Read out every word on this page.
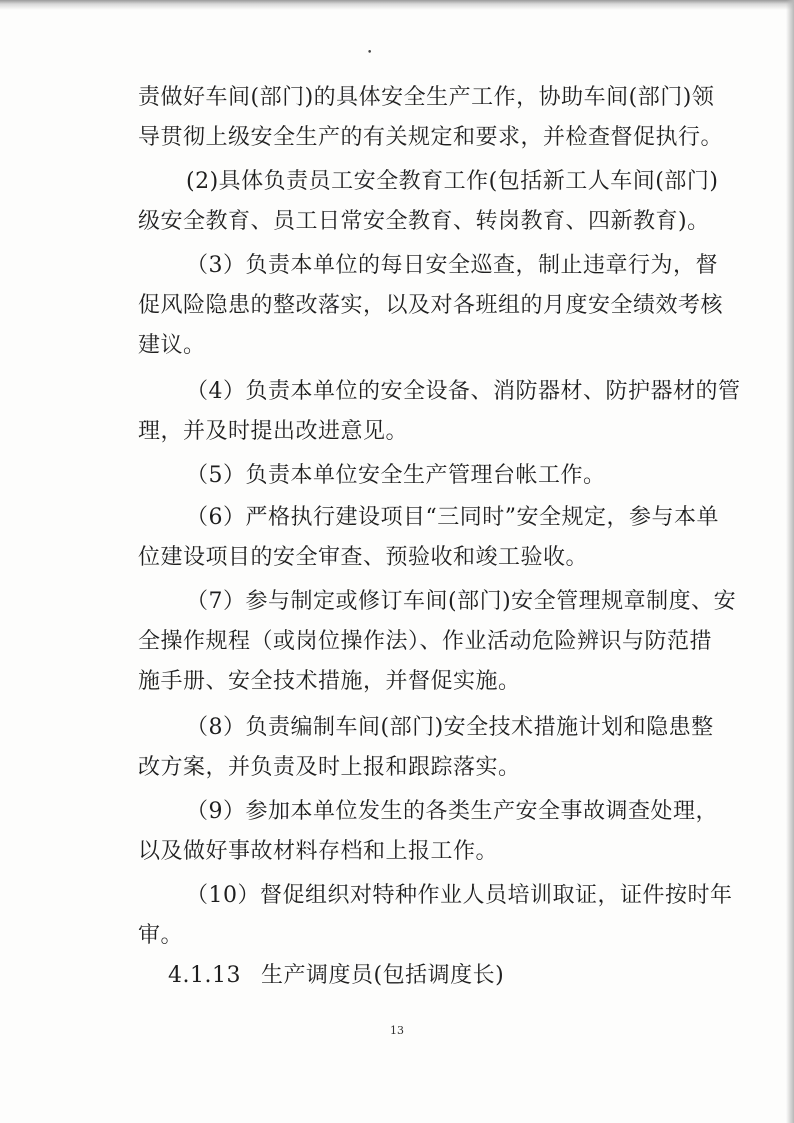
•
责做好车间(部门)的具体安全生产工作，协助车间(部门)领
导贯彻上级安全生产的有关规定和要求，并检查督促执行。
(2)具体负责员工安全教育工作(包括新工人车间(部门)
级安全教育、员工日常安全教育、转岗教育、四新教育)。
（3）负责本单位的每日安全巡查，制止违章行为，督
促风险隐患的整改落实，以及对各班组的月度安全绩效考核
建议。
（4）负责本单位的安全设备、消防器材、防护器材的管
理，并及时提出改进意见。
（5）负责本单位安全生产管理台帐工作。
（6）严格执行建设项目“三同时”安全规定，参与本单
位建设项目的安全审查、预验收和竣工验收。
（7）参与制定或修订车间(部门)安全管理规章制度、安
全操作规程（或岗位操作法）、作业活动危险辨识与防范措
施手册、安全技术措施，并督促实施。
（8）负责编制车间(部门)安全技术措施计划和隐患整
改方案，并负责及时上报和跟踪落实。
（9）参加本单位发生的各类生产安全事故调查处理，
以及做好事故材料存档和上报工作。
（10）督促组织对特种作业人员培训取证，证件按时年
审。
4.1.13 生产调度员(包括调度长)
13
